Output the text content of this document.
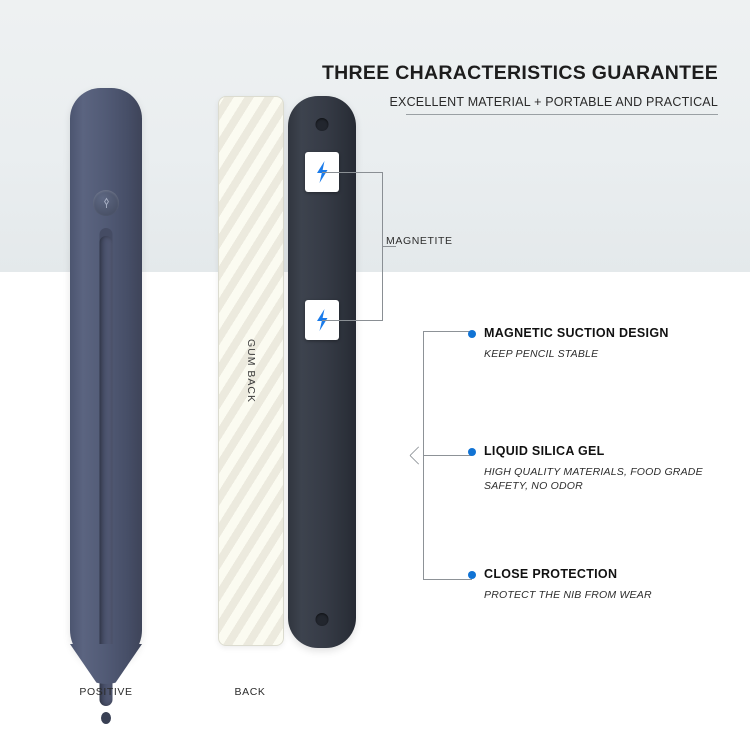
THREE CHARACTERISTICS GUARANTEE
EXCELLENT MATERIAL + PORTABLE AND PRACTICAL
GUM BACK
MAGNETITE
MAGNETIC SUCTION DESIGN
KEEP PENCIL STABLE
LIQUID SILICA GEL
HIGH QUALITY MATERIALS, FOOD GRADE SAFETY, NO ODOR
CLOSE PROTECTION
PROTECT THE NIB FROM WEAR
POSITIVE	BACK
